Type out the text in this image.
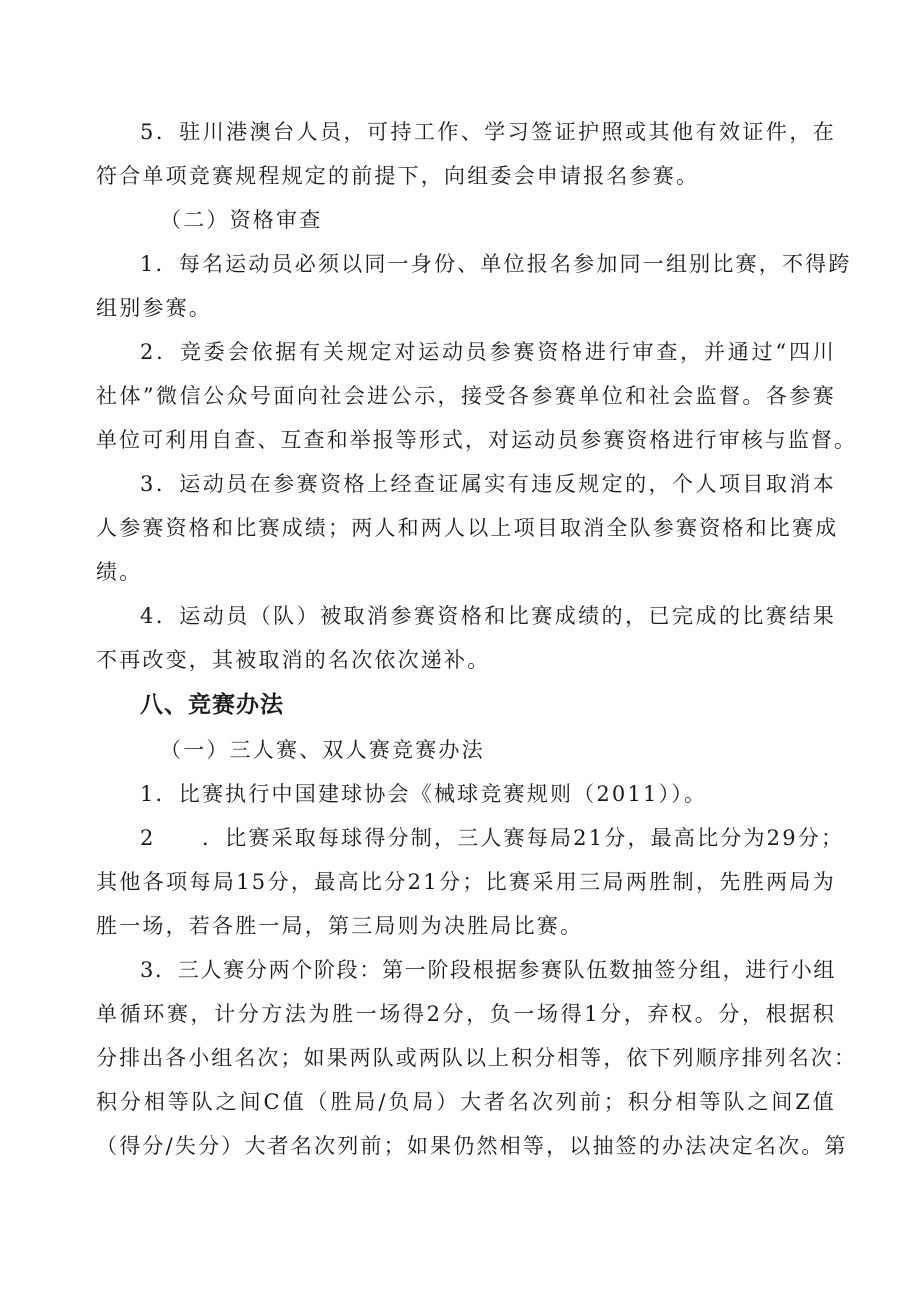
5．驻川港澳台人员，可持工作、学习签证护照或其他有效证件，在
符合单项竞赛规程规定的前提下，向组委会申请报名参赛。
（二）资格审查
1．每名运动员必须以同一身份、单位报名参加同一组别比赛，不得跨
组别参赛。
2．竞委会依据有关规定对运动员参赛资格进行审查，并通过“四川
社体”微信公众号面向社会进公示，接受各参赛单位和社会监督。各参赛
单位可利用自查、互查和举报等形式，对运动员参赛资格进行审核与监督。
3．运动员在参赛资格上经查证属实有违反规定的，个人项目取消本
人参赛资格和比赛成绩；两人和两人以上项目取消全队参赛资格和比赛成
绩。
4．运动员（队）被取消参赛资格和比赛成绩的，已完成的比赛结果
不再改变，其被取消的名次依次递补。
八、竞赛办法
（一）三人赛、双人赛竞赛办法
1．比赛执行中国建球协会《械球竞赛规则（2011））。
2　　．比赛采取每球得分制，三人赛每局21分，最高比分为29分；
其他各项每局15分，最高比分21分；比赛采用三局两胜制，先胜两局为
胜一场，若各胜一局，第三局则为决胜局比赛。
3．三人赛分两个阶段：第一阶段根据参赛队伍数抽签分组，进行小组
单循环赛，计分方法为胜一场得2分，负一场得1分，弃权。分，根据积
分排出各小组名次；如果两队或两队以上积分相等，依下列顺序排列名次：
积分相等队之间C值（胜局/负局）大者名次列前；积分相等队之间Z值
（得分/失分）大者名次列前；如果仍然相等，以抽签的办法决定名次。第
